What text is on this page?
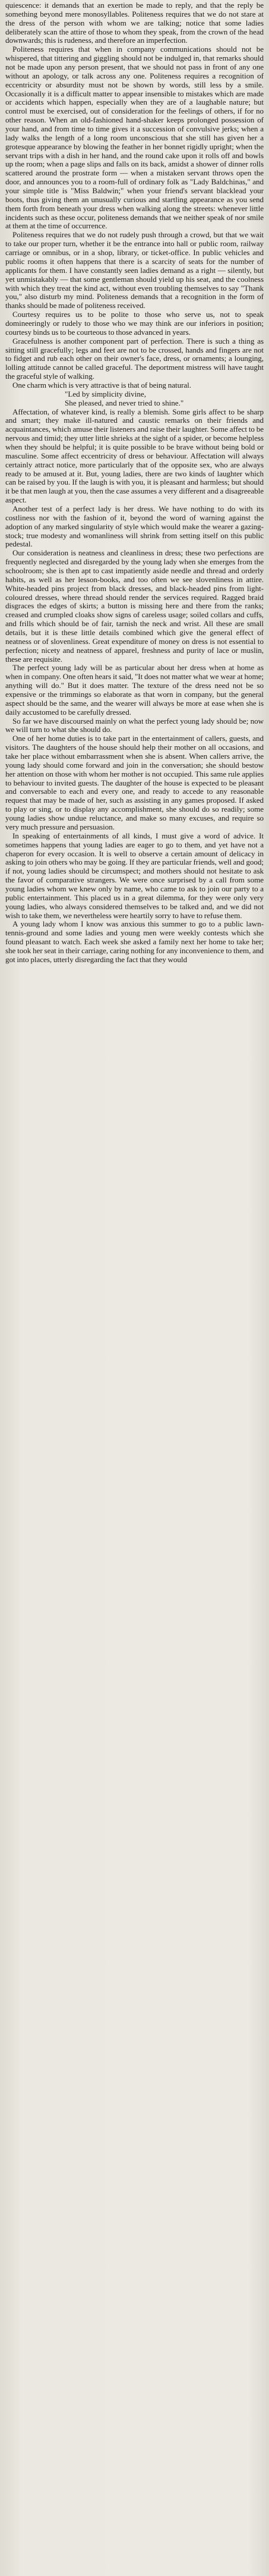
quiescence: it demands that an exertion be made to reply, and that the reply be something beyond mere monosyllables. Politeness requires that we do not stare at the dress of the person with whom we are talking; notice that some ladies deliberately scan the attire of those to whom they speak, from the crown of the head downwards; this is rudeness, and therefore an imperfection.

Politeness requires that when in company communications should not be whispered, that tittering and giggling should not be indulged in, that remarks should not be made upon any person present, that we should not pass in front of any one without an apology, or talk across any one. Politeness requires a recognition of eccentricity or absurdity must not be shown by words, still less by a smile. Occasionally it is a difficult matter to appear insensible to mistakes which are made or accidents which happen, especially when they are of a laughable nature; but control must be exercised, out of consideration for the feelings of others, if for no other reason. When an old-fashioned hand-shaker keeps prolonged possession of your hand, and from time to time gives it a succession of convulsive jerks; when a lady walks the length of a long room unconscious that she still has given her a grotesque appearance by blowing the feather in her bonnet rigidly upright; when the servant trips with a dish in her hand, and the round cake upon it rolls off and bowls up the room; when a page slips and falls on its back, amidst a shower of dinner rolls scattered around the prostrate form — when a mistaken servant throws open the door, and announces you to a room-full of ordinary folk as "Lady Baldchinas," and your simple title is "Miss Baldwin;" when your friend's servant blacklead your boots, thus giving them an unusually curious and startling appearance as you send them forth from beneath your dress when walking along the streets: whenever little incidents such as these occur, politeness demands that we neither speak of nor smile at them at the time of occurrence.

Politeness requires that we do not rudely push through a crowd, but that we wait to take our proper turn, whether it be the entrance into hall or public room, railway carriage or omnibus, or in a shop, library, or ticket-office. In public vehicles and public rooms it often happens that there is a scarcity of seats for the number of applicants for them. I have constantly seen ladies demand as a right — silently, but yet unmistakably — that some gentleman should yield up his seat, and the coolness with which they treat the kind act, without even troubling themselves to say "Thank you," also disturb my mind. Politeness demands that a recognition in the form of thanks should be made of politeness received.

Courtesy requires us to be polite to those who serve us, not to speak domineeringly or rudely to those who we may think are our inferiors in position; courtesy binds us to be courteous to those advanced in years.

Gracefulness is another component part of perfection. There is such a thing as sitting still gracefully; legs and feet are not to be crossed, hands and fingers are not to fidget and rub each other on their owner's face, dress, or ornaments; a lounging, lolling attitude cannot be called graceful. The deportment mistress will have taught the graceful style of walking.

One charm which is very attractive is that of being natural.

"Led by simplicity divine,

She pleased, and never tried to shine."

Affectation, of whatever kind, is really a blemish. Some girls affect to be sharp and smart; they make ill-natured and caustic remarks on their friends and acquaintances, which amuse their listeners and raise their laughter. Some affect to be nervous and timid; they utter little shrieks at the sight of a spider, or become helpless when they should be helpful; it is quite possible to be brave without being bold or masculine. Some affect eccentricity of dress or behaviour. Affectation will always certainly attract notice, more particularly that of the opposite sex, who are always ready to be amused at it. But, young ladies, there are two kinds of laughter which can be raised by you. If the laugh is with you, it is pleasant and harmless; but should it be that men laugh at you, then the case assumes a very different and a disagreeable aspect.

Another test of a perfect lady is her dress. We have nothing to do with its costliness nor with the fashion of it, beyond the word of warning against the adoption of any marked singularity of style which would make the wearer a gazing-stock; true modesty and womanliness will shrink from setting itself on this public pedestal.

Our consideration is neatness and cleanliness in dress; these two perfections are frequently neglected and disregarded by the young lady when she emerges from the schoolroom; she is then apt to cast impatiently aside needle and thread and orderly habits, as well as her lesson-books, and too often we see slovenliness in attire. White-headed pins project from black dresses, and black-headed pins from light-coloured dresses, where thread should render the services required. Ragged braid disgraces the edges of skirts; a button is missing here and there from the ranks; creased and crumpled cloaks show signs of careless usage; soiled collars and cuffs, and frills which should be of fair, tarnish the neck and wrist. All these are small details, but it is these little details combined which give the general effect of neatness or of slovenliness. Great expenditure of money on dress is not essential to perfection; nicety and neatness of apparel, freshness and purity of lace or muslin, these are requisite.

The perfect young lady will be as particular about her dress when at home as when in company. One often hears it said, "It does not matter what we wear at home; anything will do." But it does matter. The texture of the dress need not be so expensive or the trimmings so elaborate as that worn in company, but the general aspect should be the same, and the wearer will always be more at ease when she is daily accustomed to be carefully dressed.

So far we have discoursed mainly on what the perfect young lady should be; now we will turn to what she should do.

One of her home duties is to take part in the entertainment of callers, guests, and visitors. The daughters of the house should help their mother on all occasions, and take her place without embarrassment when she is absent. When callers arrive, the young lady should come forward and join in the conversation; she should bestow her attention on those with whom her mother is not occupied. This same rule applies to behaviour to invited guests. The daughter of the house is expected to be pleasant and conversable to each and every one, and ready to accede to any reasonable request that may be made of her, such as assisting in any games proposed. If asked to play or sing, or to display any accomplishment, she should do so readily; some young ladies show undue reluctance, and make so many excuses, and require so very much pressure and persuasion.

In speaking of entertainments of all kinds, I must give a word of advice. It sometimes happens that young ladies are eager to go to them, and yet have not a chaperon for every occasion. It is well to observe a certain amount of delicacy in asking to join others who may be going. If they are particular friends, well and good; if not, young ladies should be circumspect; and mothers should not hesitate to ask the favor of comparative strangers. We were once surprised by a call from some young ladies whom we knew only by name, who came to ask to join our party to a public entertainment. This placed us in a great dilemma, for they were only very young ladies, who always considered themselves to be talked and, and we did not wish to take them, we nevertheless were heartily sorry to have to refuse them.

A young lady whom I know was anxious this summer to go to a public lawn-tennis-ground and some ladies and young men were weekly contests which she found pleasant to watch. Each week she asked a family next her home to take her; she took her seat in their carriage, caring nothing for any inconvenience to them, and got into places, utterly disregarding the fact that they would
